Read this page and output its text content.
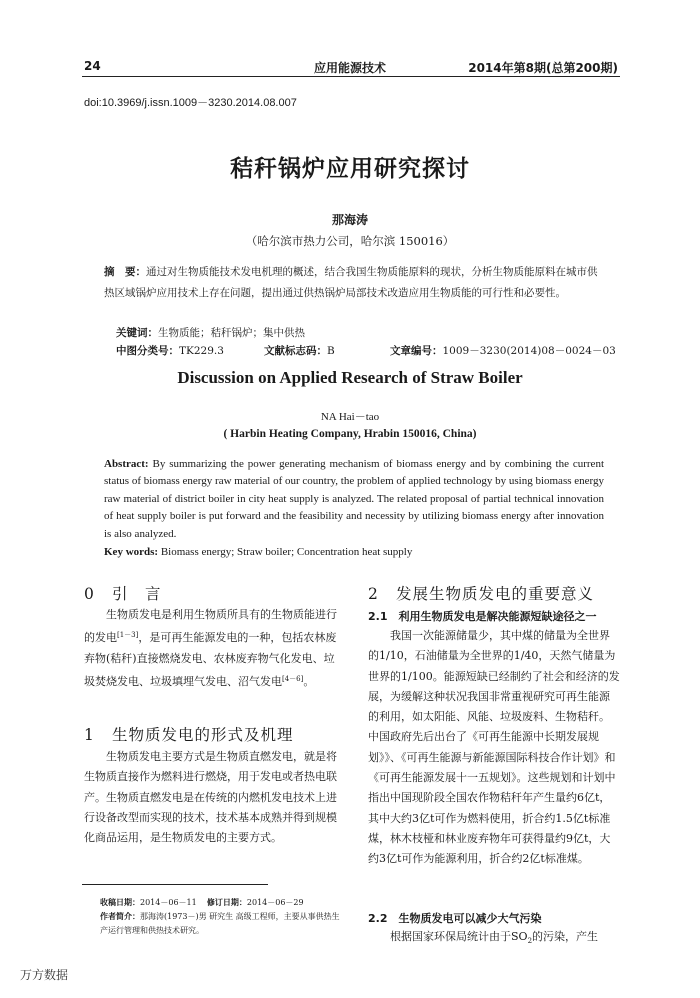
24	应用能源技术	2014年第8期(总第200期)
doi:10.3969/j.issn.1009－3230.2014.08.007
秸秆锅炉应用研究探讨
那海涛
（哈尔滨市热力公司，哈尔滨 150016）
摘　要：通过对生物质能技术发电机理的概述，结合我国生物质能原料的现状，分析生物质能原料在城市供热区域锅炉应用技术上存在问题，提出通过供热锅炉局部技术改造应用生物质能的可行性和必要性。
关键词：生物质能；秸秆锅炉；集中供热
中图分类号：TK229.3	文献标志码：B	文章编号：1009－3230(2014)08－0024－03
Discussion on Applied Research of Straw Boiler
NA Hai－tao
( Harbin Heating Company, Hrabin 150016, China)
Abstract: By summarizing the power generating mechanism of biomass energy and by combining the current status of biomass energy raw material of our country, the problem of applied technology by using biomass energy raw material of district boiler in city heat supply is analyzed. The related proposal of partial technical innovation of heat supply boiler is put forward and the feasibility and necessity by utilizing biomass energy after innovation is also analyzed.
Key words: Biomass energy; Straw boiler; Concentration heat supply
0 引　言

生物质发电是利用生物质所具有的生物质能进行的发电[1－3]，是可再生能源发电的一种，包括农林废弃物(秸秆)直接燃烧发电、农林废弃物气化发电、垃圾焚烧发电、垃圾填埋气发电、沼气发电[4－6]。

1 生物质发电的形式及机理

生物质发电主要方式是生物质直燃发电，就是将生物质直接作为燃料进行燃烧，用于发电或者热电联产。生物质直燃发电是在传统的内燃机发电技术上进行设备改型而实现的技术，技术基本成熟并得到规模化商品运用，是生物质发电的主要方式。

收稿日期：2014－06－11 修订日期：2014－06－29
作者简介：那海涛(1973－)男 研究生 高级工程师，主要从事供热生产运行管理和供热技术研究。
2 发展生物质发电的重要意义
2.1　利用生物质发电是解决能源短缺途径之一

我国一次能源储量少，其中煤的储量为全世界的1/10，石油储量为全世界的1/40，天然气储量为世界的1/100。能源短缺已经制约了社会和经济的发展，为缓解这种状况我国非常重视研究可再生能源的利用，如太阳能、风能、垃圾废料、生物秸秆。中国政府先后出台了《可再生能源中长期发展规划》》、《可再生能源与新能源国际科技合作计划》和《可再生能源发展十一五规划》。这些规划和计划中指出中国现阶段全国农作物秸秆年产生量约6亿t，其中大约3亿t可作为燃料使用，折合约1.5亿t标准煤，林木枝桠和林业废弃物年可获得量约9亿t，大约3亿t可作为能源利用，折合约2亿t标准煤。

2.2　生物质发电可以减少大气污染

根据国家环保局统计由于$SO_2$的污染，产生

万方数据
